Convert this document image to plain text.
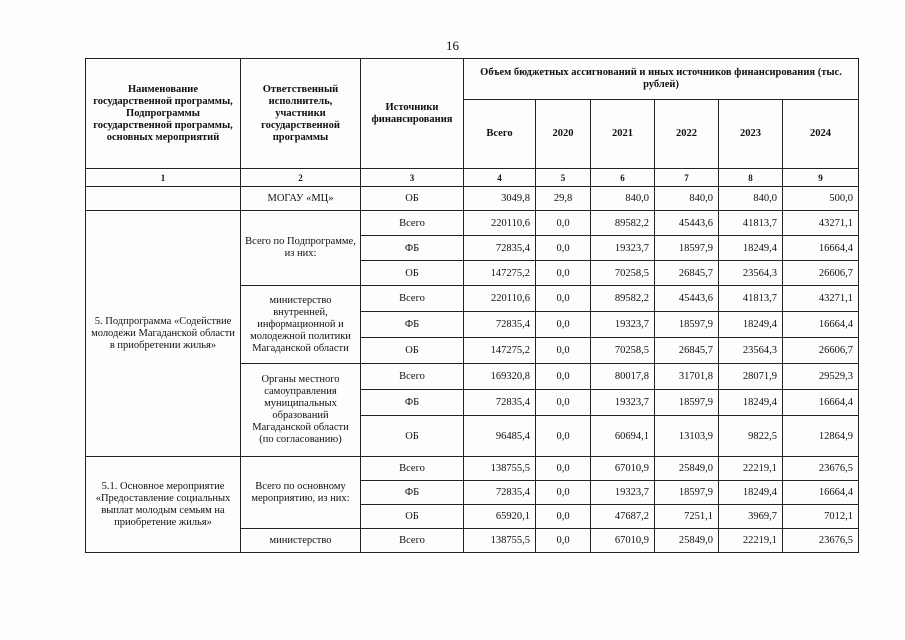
16
Наименование государственной программы, Подпрограммы государственной программы, основных мероприятий	Ответственный исполнитель, участники государственной программы	Источники финансирования	Объем бюджетных ассигнований и иных источников финансирования (тыс. рублей)					
			Всего	2020	2021	2022	2023	2024
1	2	3	4	5	6	7	8	9
	МОГАУ «МЦ»	ОБ	3049,8	29,8	840,0	840,0	840,0	500,0
5. Подпрограмма «Содействие молодежи Магаданской области в приобретении жилья»	Всего по Подпрограмме, из них:	Всего	220110,6	0,0	89582,2	45443,6	41813,7	43271,1
		ФБ	72835,4	0,0	19323,7	18597,9	18249,4	16664,4
		ОБ	147275,2	0,0	70258,5	26845,7	23564,3	26606,7
	министерство внутренней, информационной и молодежной политики Магаданской области	Всего	220110,6	0,0	89582,2	45443,6	41813,7	43271,1
		ФБ	72835,4	0,0	19323,7	18597,9	18249,4	16664,4
		ОБ	147275,2	0,0	70258,5	26845,7	23564,3	26606,7
	Органы местного самоуправления муниципальных образований Магаданской области (по согласованию)	Всего	169320,8	0,0	80017,8	31701,8	28071,9	29529,3
		ФБ	72835,4	0,0	19323,7	18597,9	18249,4	16664,4
		ОБ	96485,4	0,0	60694,1	13103,9	9822,5	12864,9
5.1. Основное мероприятие «Предоставление социальных выплат молодым семьям на приобретение жилья»	Всего по основному мероприятию, из них:	Всего	138755,5	0,0	67010,9	25849,0	22219,1	23676,5
		ФБ	72835,4	0,0	19323,7	18597,9	18249,4	16664,4
		ОБ	65920,1	0,0	47687,2	7251,1	3969,7	7012,1
	министерство	Всего	138755,5	0,0	67010,9	25849,0	22219,1	23676,5
